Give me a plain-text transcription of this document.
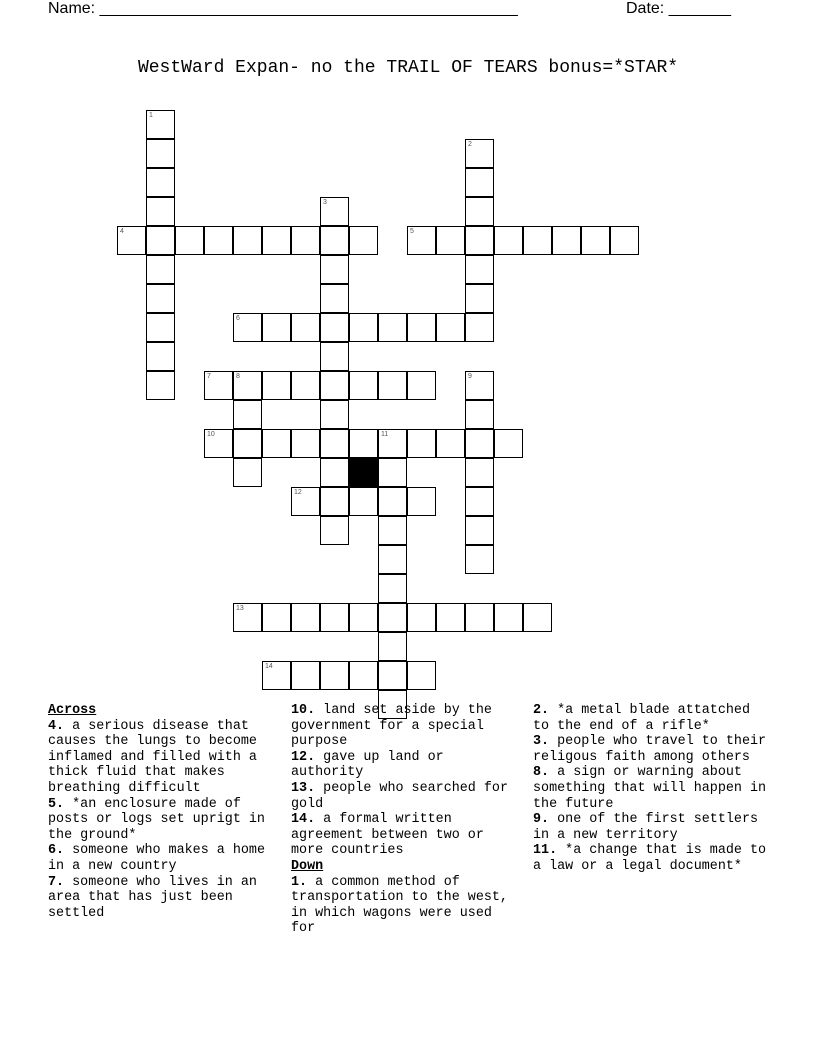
Name: _______________________________________________	Date: _______
WestWard Expan- no the TRAIL OF TEARS bonus=*STAR*
4	5
6
7	8
10	11
12
13
14
1
2
3
9
Across
4. a serious disease that causes the lungs to become inflamed and filled with a thick fluid that makes breathing difficult
5. *an enclosure made of posts or logs set uprigt in the ground*
6. someone who makes a home in a new country
7. someone who lives in an area that has just been settled
10. land set aside by the government for a special purpose
12. gave up land or authority
13. people who searched for gold
14. a formal written agreement between two or more countries
Down
1. a common method of transportation to the west, in which wagons were used for
2. *a metal blade attatched to the end of a rifle*
3. people who travel to their religous faith among others
8. a sign or warning about something that will happen in the future
9. one of the first settlers in a new territory
11. *a change that is made to a law or a legal document*
